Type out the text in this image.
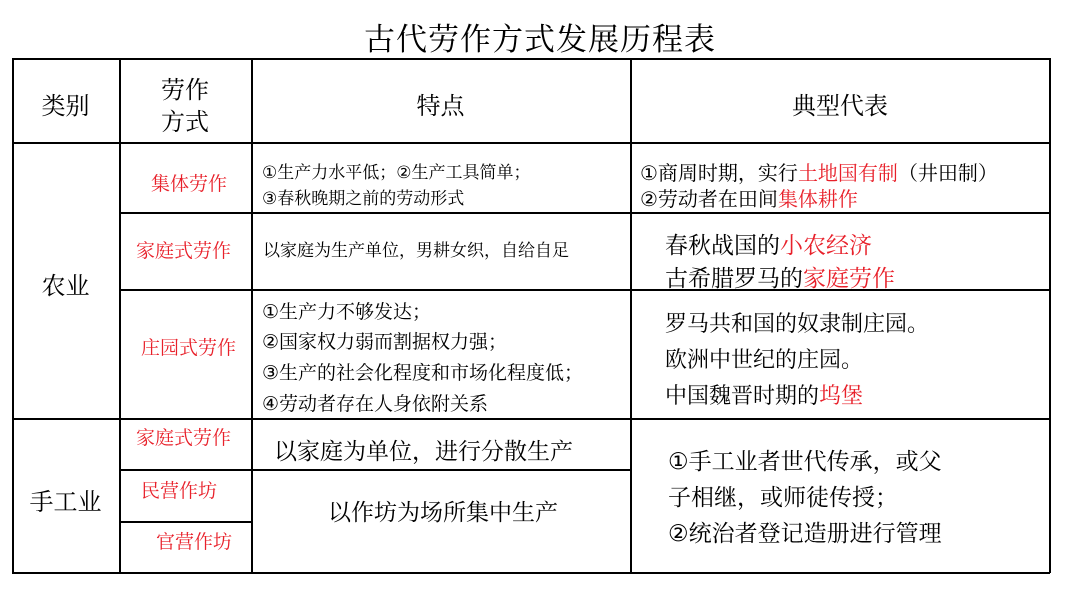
古代劳作方式发展历程表
类别
劳作
方式
特点	典型代表
农业
集体劳作 ①生产力水平低；②生产工具简单；
③春秋晚期之前的劳动形式
①商周时期，实行土地国有制（井田制）
②劳动者在田间集体耕作
家庭式劳作 以家庭为生产单位，男耕女织，自给自足	春秋战国的小农经济
古希腊罗马的家庭劳作
庄园式劳作
①生产力不够发达；
②国家权力弱而割据权力强；
③生产的社会化程度和市场化程度低；
④劳动者存在人身依附关系
罗马共和国的奴隶制庄园。
欧洲中世纪的庄园。
中国魏晋时期的坞堡
手工业
家庭式劳作
民营作坊
官营作坊
以家庭为单位，进行分散生产
以作坊为场所集中生产
①手工业者世代传承，或父
子相继，或师徒传授；
②统治者登记造册进行管理
